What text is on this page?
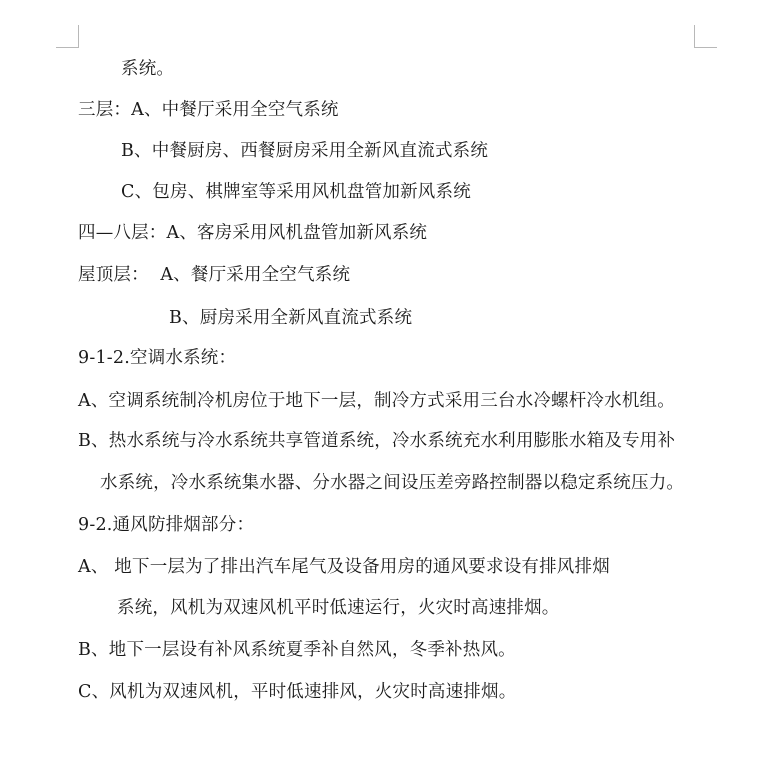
系统。
三层：A、中餐厅采用全空气系统
B、中餐厨房、西餐厨房采用全新风直流式系统
C、包房、棋牌室等采用风机盘管加新风系统
四—八层：A、客房采用风机盘管加新风系统
屋顶层：  A、餐厅采用全空气系统
B、厨房采用全新风直流式系统
9-1-2.空调水系统：
A、空调系统制冷机房位于地下一层，制冷方式采用三台水冷螺杆冷水机组。
B、热水系统与冷水系统共享管道系统，冷水系统充水利用膨胀水箱及专用补
水系统，冷水系统集水器、分水器之间设压差旁路控制器以稳定系统压力。
9-2.通风防排烟部分：
A、 地下一层为了排出汽车尾气及设备用房的通风要求设有排风排烟
系统，风机为双速风机平时低速运行，火灾时高速排烟。
B、地下一层设有补风系统夏季补自然风，冬季补热风。
C、风机为双速风机，平时低速排风，火灾时高速排烟。
